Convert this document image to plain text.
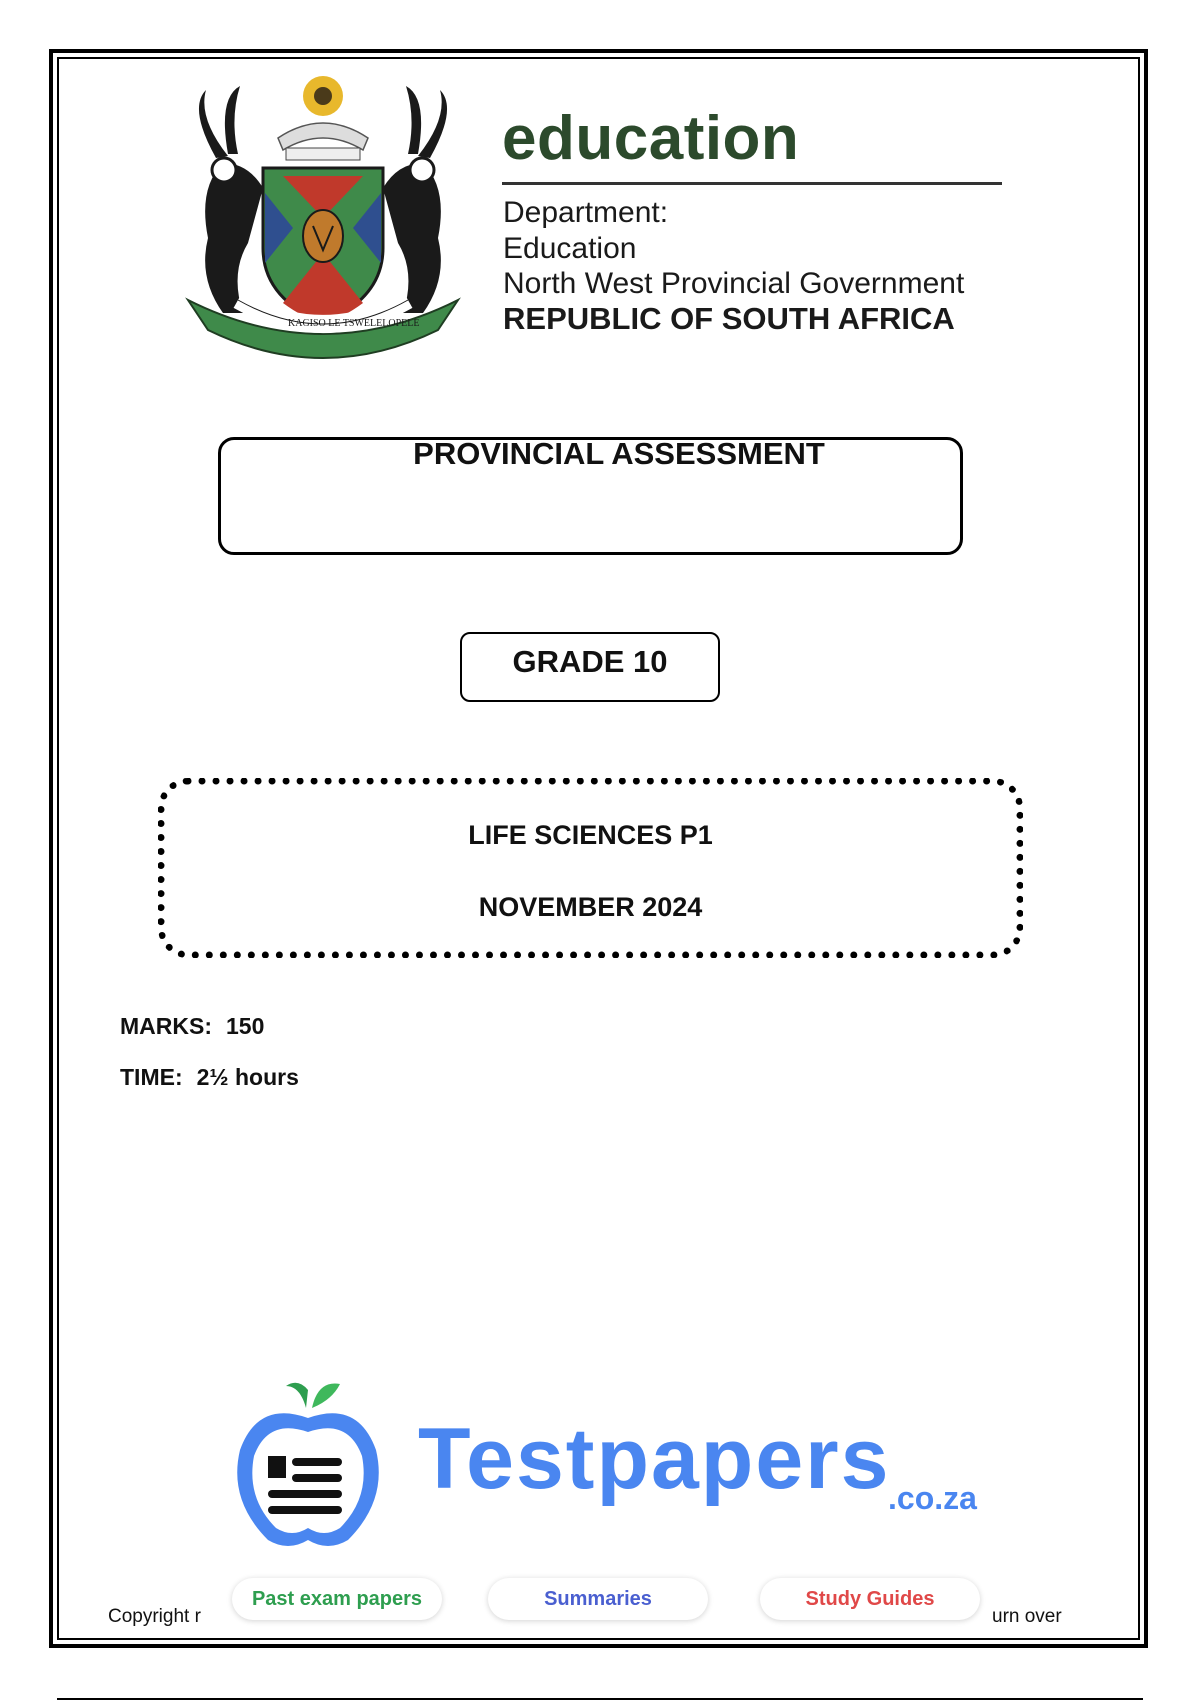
KAGISO LE TSWELELOPELE
education
Department:
Education
North West Provincial Government
REPUBLIC OF SOUTH AFRICA
PROVINCIAL ASSESSMENT
GRADE 10
LIFE SCIENCES P1
NOVEMBER 2024
MARKS: 150
TIME: 2½ hours
Copyright r	urn over
Testpapers
.co.za
Past exam papers	Summaries	Study Guides
